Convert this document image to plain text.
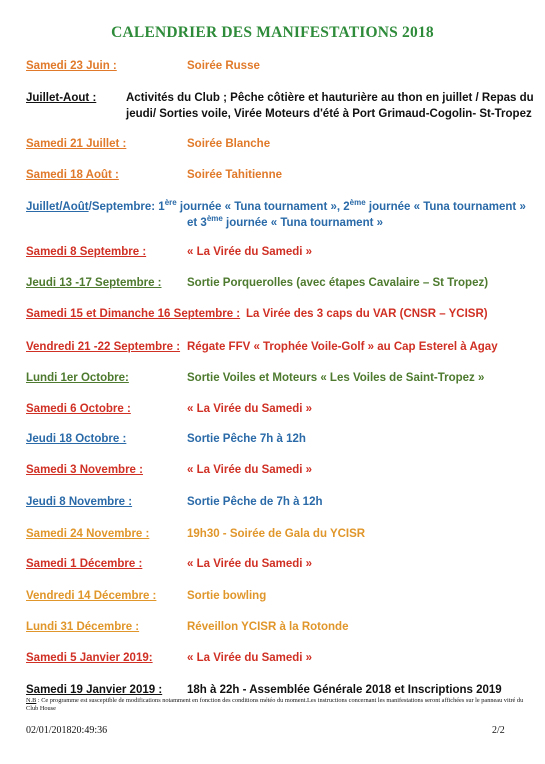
CALENDRIER DES MANIFESTATIONS 2018
Samedi 23 Juin :	Soirée Russe
Juillet-Aout :	Activités du Club ; Pêche côtière et hauturière au thon en juillet / Repas du
jeudi/ Sorties voile, Virée Moteurs d'été à Port Grimaud-Cogolin- St-Tropez
Samedi 21 Juillet :	Soirée Blanche
Samedi 18 Août :	Soirée Tahitienne
Juillet/Août/Septembre: 1ère journée « Tuna tournament », 2ème journée « Tuna tournament »
et 3ème journée « Tuna tournament »
Samedi 8 Septembre :	« La Virée du Samedi »
Jeudi 13 -17 Septembre : Sortie Porquerolles (avec étapes Cavalaire – St Tropez)
Samedi 15 et Dimanche 16 Septembre : La Virée des 3 caps du VAR (CNSR – YCISR)
Vendredi 21 -22 Septembre : Régate FFV « Trophée Voile-Golf » au Cap Esterel à Agay
Lundi 1er Octobre:	Sortie Voiles et Moteurs « Les Voiles de Saint-Tropez »
Samedi 6 Octobre :	« La Virée du Samedi »
Jeudi 18 Octobre :	Sortie Pêche 7h à 12h
Samedi 3 Novembre :	« La Virée du Samedi »
Jeudi 8 Novembre :	Sortie Pêche de 7h à 12h
Samedi 24 Novembre :	19h30 - Soirée de Gala du YCISR
Samedi 1 Décembre :	« La Virée du Samedi »
Vendredi 14 Décembre :	Sortie bowling
Lundi 31 Décembre :	Réveillon YCISR à la Rotonde
Samedi 5 Janvier 2019:	« La Virée du Samedi »
Samedi 19 Janvier 2019 : 18h à 22h - Assemblée Générale 2018 et Inscriptions 2019
N.B : Ce programme est susceptible de modifications notamment en fonction des conditions météo du moment.Les instructions concernant les manifestations seront affichées sur le panneau vitré du Club House
02/01/201820:49:36	2/2
